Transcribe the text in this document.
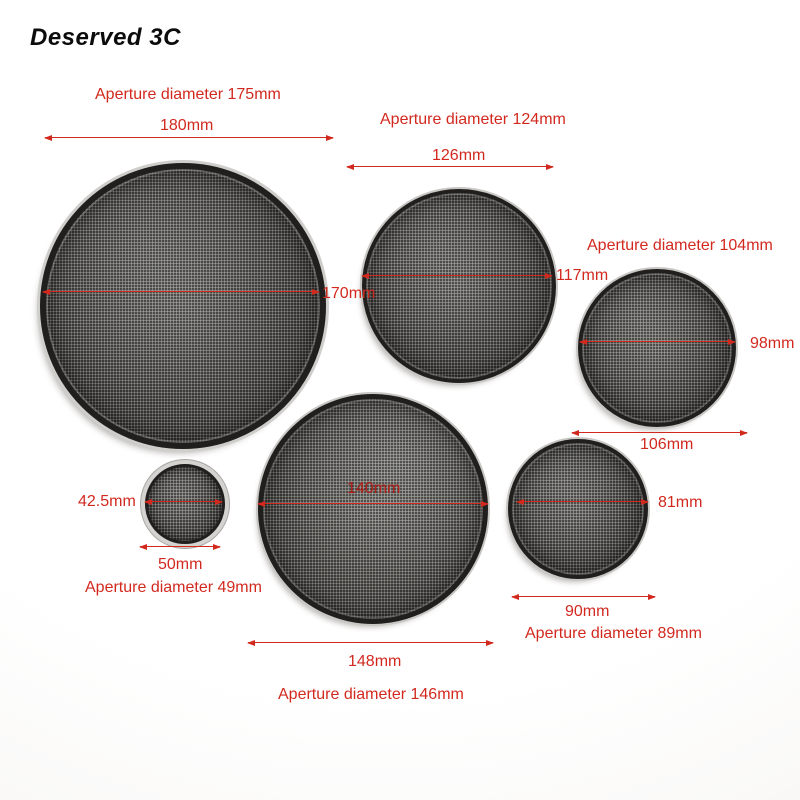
Deserved 3C
Aperture diameter 175mm
180mm
170mm
Aperture diameter 124mm
126mm
117mm
Aperture diameter 104mm
98mm
106mm
42.5mm
50mm
Aperture diameter 49mm
140mm
148mm
Aperture diameter 146mm
81mm
90mm
Aperture diameter 89mm
